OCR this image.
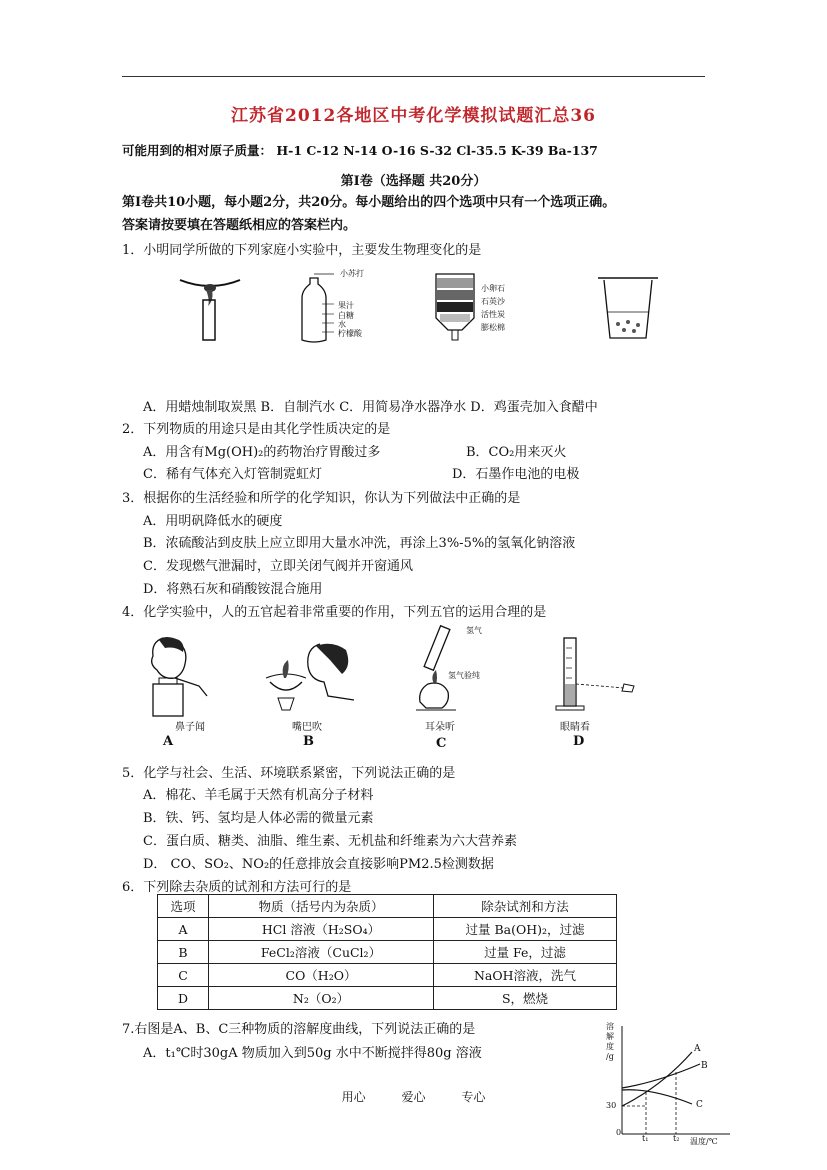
江苏省2012各地区中考化学模拟试题汇总36
可能用到的相对原子质量： H-1 C-12 N-14 O-16 S-32 Cl-35.5 K-39 Ba-137
第Ⅰ卷（选择题 共20分）
第Ⅰ卷共10小题，每小题2分，共20分。每小题给出的四个选项中只有一个选项正确。
答案请按要填在答题纸相应的答案栏内。
1．小明同学所做的下列家庭小实验中，主要发生物理变化的是
小苏打
果汁
白糖
水
柠檬酸
小卵石
石英沙
活性炭
膨松棉
A．用蜡烛制取炭黑 B．自制汽水 C．用简易净水器净水 D．鸡蛋壳加入食醋中
2．下列物质的用途只是由其化学性质决定的是
A．用含有Mg(OH)₂的药物治疗胃酸过多	B．CO₂用来灭火
C．稀有气体充入灯管制霓虹灯	D．石墨作电池的电极
3．根据你的生活经验和所学的化学知识，你认为下列做法中正确的是
A．用明矾降低水的硬度
B．浓硫酸沾到皮肤上应立即用大量水冲洗，再涂上3%-5%的氢氧化钠溶液
C．发现燃气泄漏时，立即关闭气阀并开窗通风
D．将熟石灰和硝酸铵混合施用
4．化学实验中，人的五官起着非常重要的作用，下列五官的运用合理的是
氢气
氢气验纯
鼻子闻	嘴巴吹	耳朵听	眼睛看
A	B	C	D
5．化学与社会、生活、环境联系紧密，下列说法正确的是
A．棉花、羊毛属于天然有机高分子材料
B．铁、钙、氢均是人体必需的微量元素
C．蛋白质、糖类、油脂、维生素、无机盐和纤维素为六大营养素
D． CO、SO₂、NO₂的任意排放会直接影响PM2.5检测数据
6．下列除去杂质的试剂和方法可行的是
选项	物质（括号内为杂质）	除杂试剂和方法
A	HCl 溶液（H₂SO₄）	过量 Ba(OH)₂，过滤
B	FeCl₂溶液（CuCl₂）	过量 Fe，过滤
C	CO（H₂O）	NaOH溶液，洗气
D	N₂（O₂）	S，燃烧
7.右图是A、B、C三种物质的溶解度曲线，下列说法正确的是
A．t₁℃时30gA 物质加入到50g 水中不断搅拌得80g 溶液
溶
解
度
/g
A
B
C
30
0
t₁	t₂ 温度/℃
用心	爱心	专心
